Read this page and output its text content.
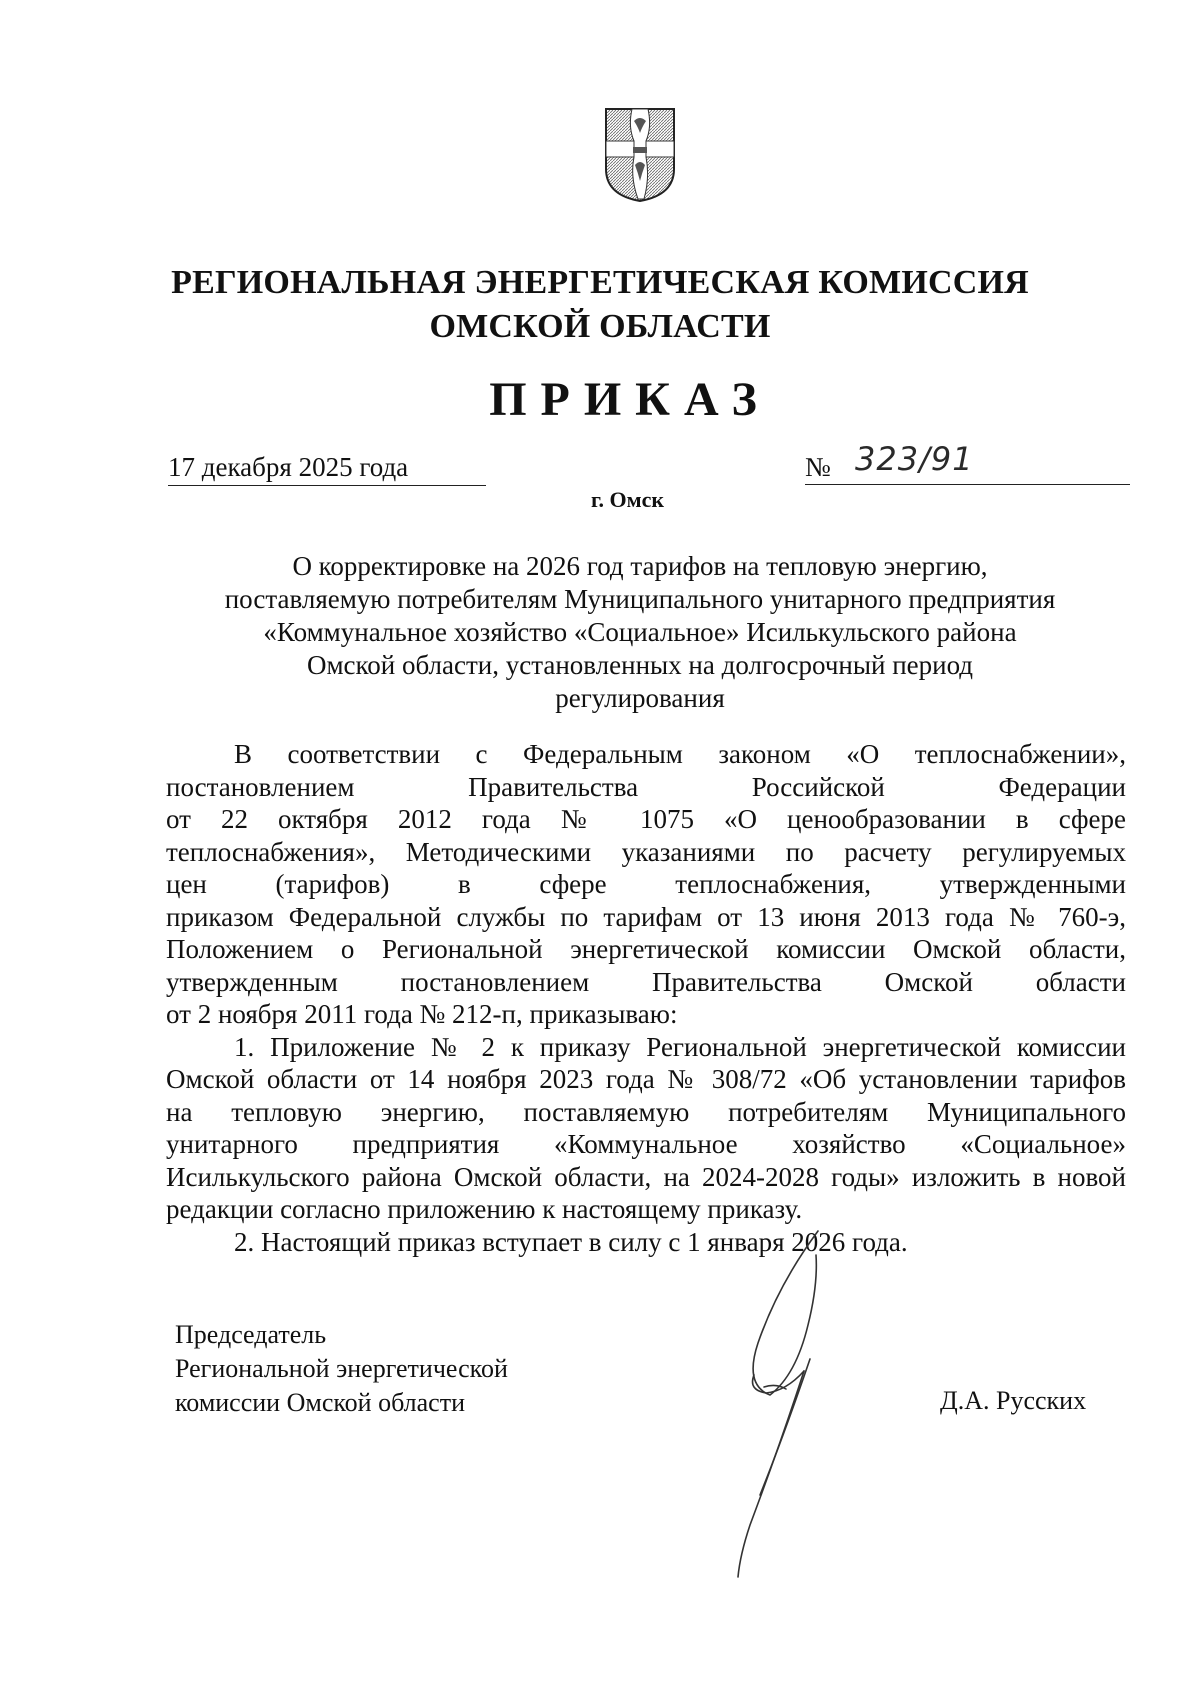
РЕГИОНАЛЬНАЯ ЭНЕРГЕТИЧЕСКАЯ КОМИССИЯ
ОМСКОЙ ОБЛАСТИ
ПРИКАЗ
17 декабря 2025 года	№ 323/91
г. Омск
О корректировке на 2026 год тарифов на тепловую энергию,
поставляемую потребителям Муниципального унитарного предприятия
«Коммунальное хозяйство «Социальное» Исилькульского района
Омской области, установленных на долгосрочный период
регулирования
В соответствии с Федеральным законом «О теплоснабжении»,
постановлением Правительства Российской Федерации
от 22 октября 2012 года № 1075 «О ценообразовании в сфере
теплоснабжения», Методическими указаниями по расчету регулируемых
цен (тарифов) в сфере теплоснабжения, утвержденными
приказом Федеральной службы по тарифам от 13 июня 2013 года № 760-э,
Положением о Региональной энергетической комиссии Омской области,
утвержденным постановлением Правительства Омской области
от 2 ноября 2011 года № 212-п, приказываю:
1. Приложение № 2 к приказу Региональной энергетической комиссии
Омской области от 14 ноября 2023 года № 308/72 «Об установлении тарифов
на тепловую энергию, поставляемую потребителям Муниципального
унитарного предприятия «Коммунальное хозяйство «Социальное»
Исилькульского района Омской области, на 2024-2028 годы» изложить в новой
редакции согласно приложению к настоящему приказу.
2. Настоящий приказ вступает в силу с 1 января 2026 года.
Председатель
Региональной энергетической
комиссии Омской области	Д.А. Русских
